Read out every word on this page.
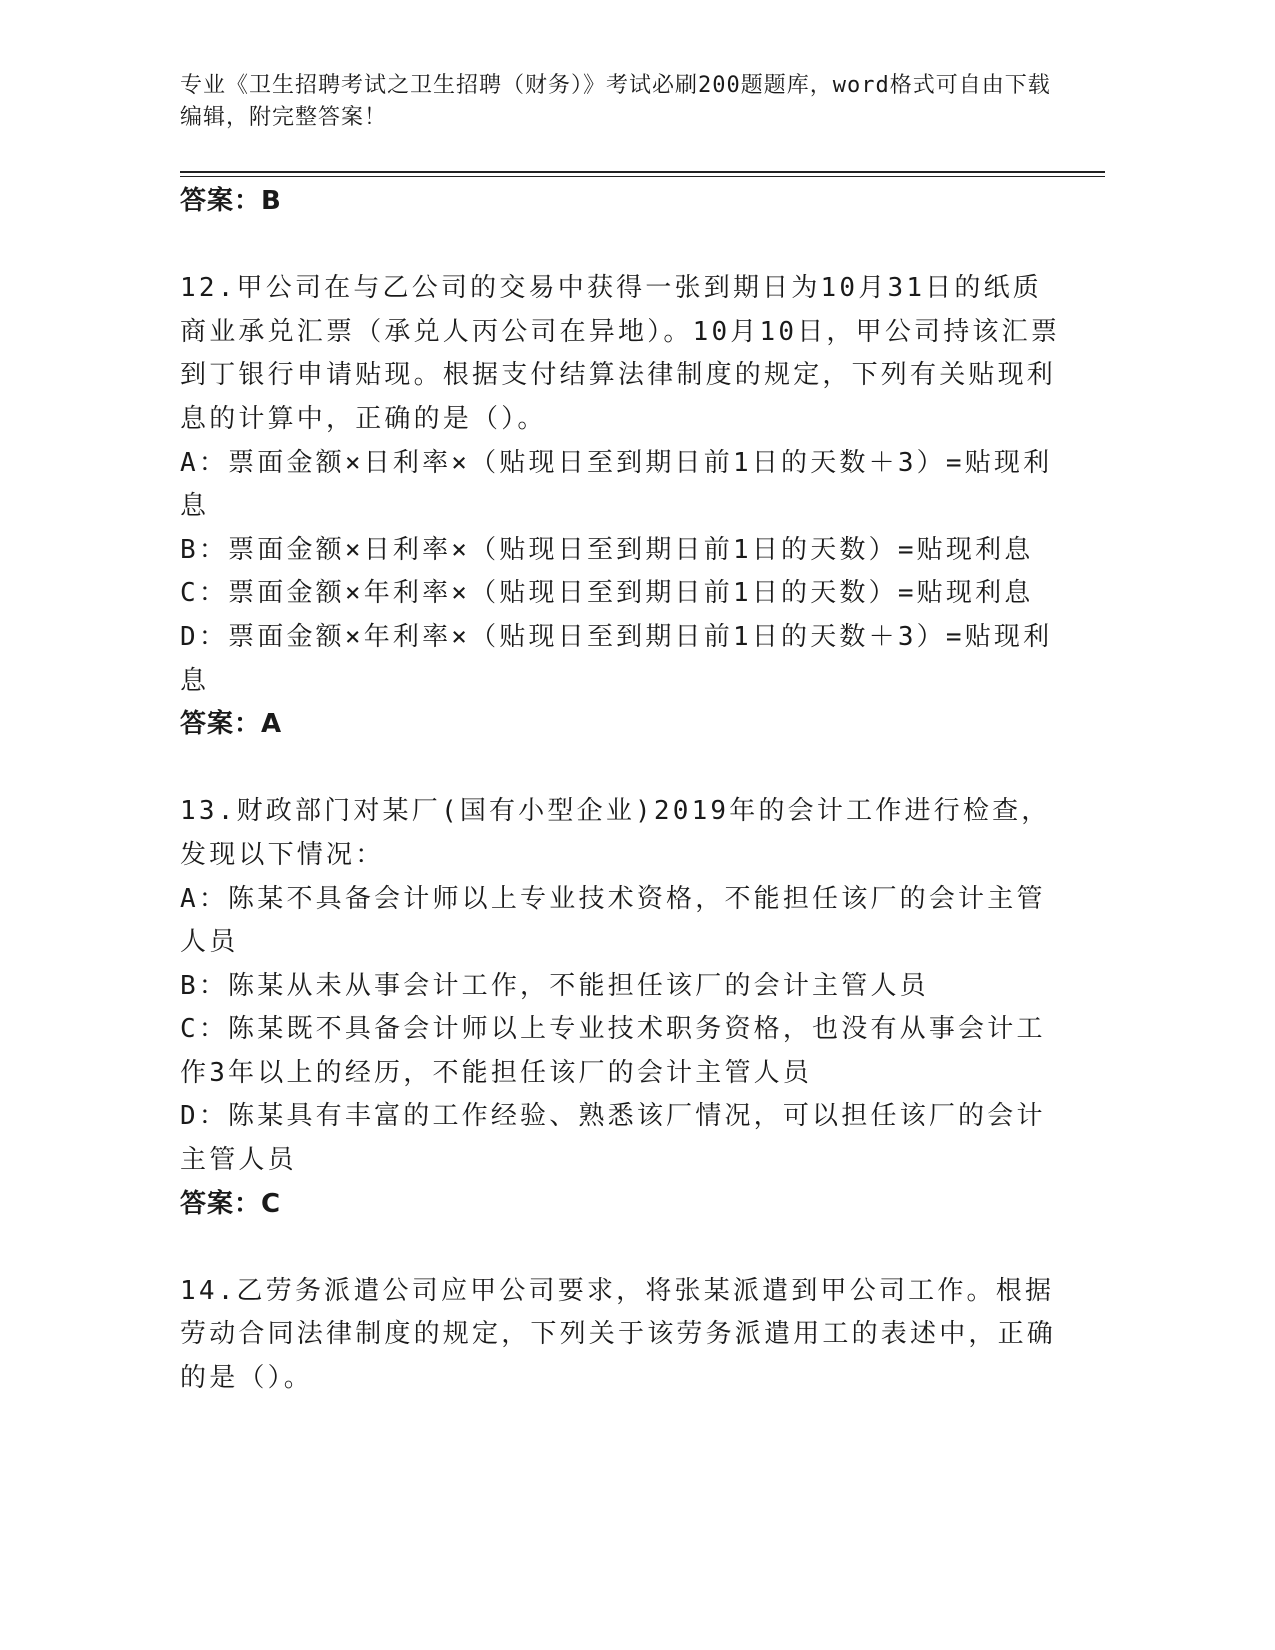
专业《卫生招聘考试之卫生招聘（财务）》考试必刷200题题库，word格式可自由下载编辑，附完整答案！
答案：B
12.甲公司在与乙公司的交易中获得一张到期日为10月31日的纸质商业承兑汇票（承兑人丙公司在异地）。10月10日，甲公司持该汇票到丁银行申请贴现。根据支付结算法律制度的规定，下列有关贴现利息的计算中，正确的是（）。
A：票面金额×日利率×（贴现日至到期日前1日的天数＋3）=贴现利息
B：票面金额×日利率×（贴现日至到期日前1日的天数）=贴现利息
C：票面金额×年利率×（贴现日至到期日前1日的天数）=贴现利息
D：票面金额×年利率×（贴现日至到期日前1日的天数＋3）=贴现利息
答案：A
13.财政部门对某厂(国有小型企业)2019年的会计工作进行检查，发现以下情况：
A：陈某不具备会计师以上专业技术资格，不能担任该厂的会计主管人员
B：陈某从未从事会计工作，不能担任该厂的会计主管人员
C：陈某既不具备会计师以上专业技术职务资格，也没有从事会计工作3年以上的经历，不能担任该厂的会计主管人员
D：陈某具有丰富的工作经验、熟悉该厂情况，可以担任该厂的会计主管人员
答案：C
14.乙劳务派遣公司应甲公司要求，将张某派遣到甲公司工作。根据劳动合同法律制度的规定，下列关于该劳务派遣用工的表述中，正确的是（）。
